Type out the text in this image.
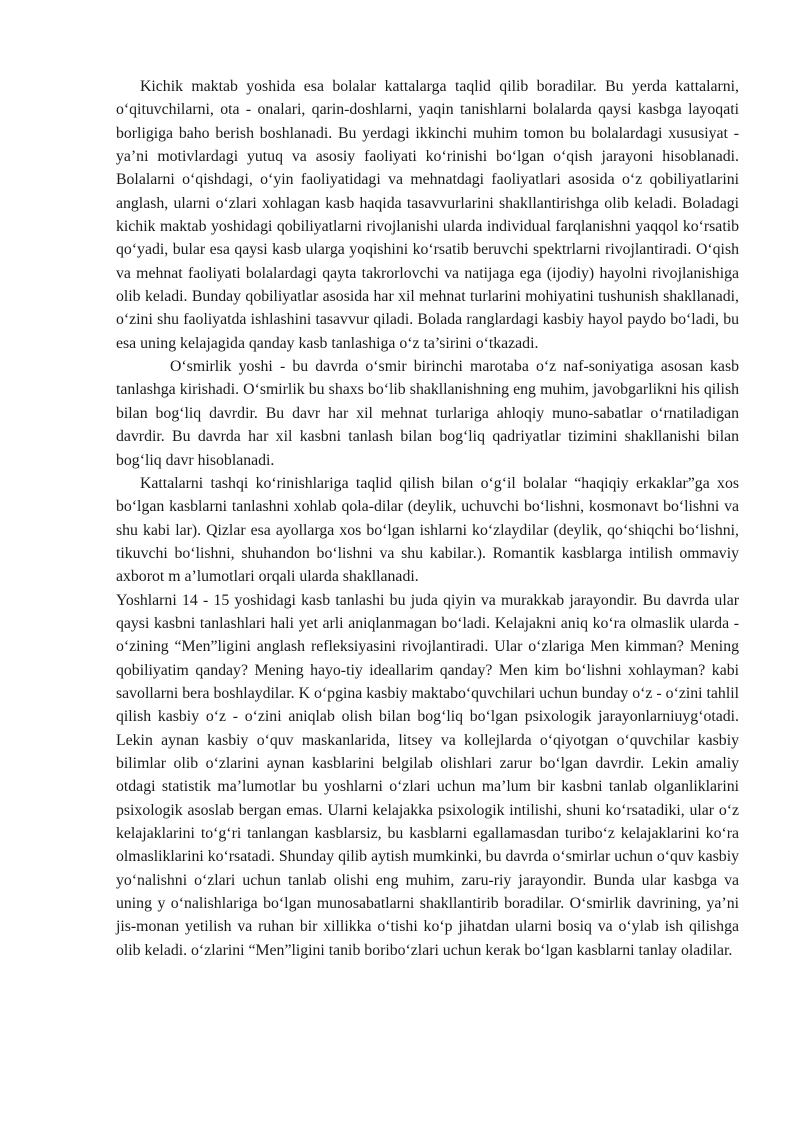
Kichik maktab yoshida esa bolalar kattalarga taqlid qilib boradilar. Bu yerda kattalarni, o‘qituvchilarni, ota - onalari, qarin-doshlarni, yaqin tanishlarni bolalarda qaysi kasbga layoqati borligiga baho berish boshlanadi. Bu yerdagi ikkinchi muhim tomon bu bolalardagi xususiyat -ya’ni motivlardagi yutuq va asosiy faoliyati ko‘rinishi bo‘lgan o‘qish jarayoni hisoblanadi. Bolalarni o‘qishdagi, o‘yin faoliyatidagi va mehnatdagi faoliyatlari asosida o‘z qobiliyatlarini anglash, ularni o‘zlari xohlagan kasb haqida tasavvurlarini shakllantirishga olib keladi. Boladagi kichik maktab yoshidagi qobiliyatlarni rivojlanishi ularda individual farqlanishni yaqqol ko‘rsatib qo‘yadi, bular esa qaysi kasb ularga yoqishini ko‘rsatib beruvchi spektrlarni rivojlantiradi. O‘qish va mehnat faoliyati bolalardagi qayta takrorlovchi va natijaga ega (ijodiy) hayolni rivojlanishiga olib keladi. Bunday qobiliyatlar asosida har xil mehnat turlarini mohiyatini tushunish shakllanadi, o‘zini shu faoliyatda ishlashini tasavvur qiladi. Bolada ranglardagi kasbiy hayol paydo bo‘ladi, bu esa uning kelajagida qanday kasb tanlashiga o‘z ta’sirini o‘tkazadi.

O‘smirlik yoshi - bu davrda o‘smir birinchi marotaba o‘z naf-soniyatiga asosan kasb tanlashga kirishadi. O‘smirlik bu shaxs bo‘lib shakllanishning eng muhim, javobgarlikni his qilish bilan bog‘liq davrdir. Bu davr har xil mehnat turlariga ahloqiy muno-sabatlar o‘rnatiladigan davrdir. Bu davrda har xil kasbni tanlash bilan bog‘liq qadriyatlar tizimini shakllanishi bilan bog‘liq davr hisoblanadi.

Kattalarni tashqi ko‘rinishlariga taqlid qilish bilan o‘g‘il bolalar “haqiqiy erkaklar”ga xos bo‘lgan kasblarni tanlashni xohlab qola-dilar (deylik, uchuvchi bo‘lishni, kosmonavt bo‘lishni va shu kabi lar). Qizlar esa ayollarga xos bo‘lgan ishlarni ko‘zlaydilar (deylik, qo‘shiqchi bo‘lishni, tikuvchi bo‘lishni, shuhandon bo‘lishni va shu kabilar.). Romantik kasblarga intilish ommaviy axborot m a’lumotlari orqali ularda shakllanadi.

Yoshlarni 14 - 15 yoshidagi kasb tanlashi bu juda qiyin va murakkab jarayondir. Bu davrda ular qaysi kasbni tanlashlari hali yet arli aniqlanmagan bo‘ladi. Kelajakni aniq ko‘ra olmaslik ularda - o‘zining “Men”ligini anglash refleksiyasini rivojlantiradi. Ular o‘zlariga Men kimman? Mening qobiliyatim qanday? Mening hayo-tiy ideallarim qanday? Men kim bo‘lishni xohlayman? kabi savollarni bera boshlaydilar. K o‘pgina kasbiy maktabo‘quvchilari uchun bunday o‘z - o‘zini tahlil qilish kasbiy o‘z - o‘zini aniqlab olish bilan bog‘liq bo‘lgan psixologik jarayonlarniuyg‘otadi. Lekin aynan kasbiy o‘quv maskanlarida, litsey va kollejlarda o‘qiyotgan o‘quvchilar kasbiy bilimlar olib o‘zlarini aynan kasblarini belgilab olishlari zarur bo‘lgan davrdir. Lekin amaliy otdagi statistik ma’lumotlar bu yoshlarni o‘zlari uchun ma’lum bir kasbni tanlab olganliklarini psixologik asoslab bergan emas. Ularni kelajakka psixologik intilishi, shuni ko‘rsatadiki, ular o‘z kelajaklarini to‘g‘ri tanlangan kasblarsiz, bu kasblarni egallamasdan turibo‘z kelajaklarini ko‘ra olmasliklarini ko‘rsatadi. Shunday qilib aytish mumkinki, bu davrda o‘smirlar uchun o‘quv kasbiy yo‘nalishni o‘zlari uchun tanlab olishi eng muhim, zaru-riy jarayondir. Bunda ular kasbga va uning y o‘nalishlariga bo‘lgan munosabatlarni shakllantirib boradilar. O‘smirlik davrining, ya’ni jis-monan yetilish va ruhan bir xillikka o‘tishi ko‘p jihatdan ularni bosiq va o‘ylab ish qilishga olib keladi. o‘zlarini “Men”ligini tanib boribo‘zlari uchun kerak bo‘lgan kasblarni tanlay oladilar.
